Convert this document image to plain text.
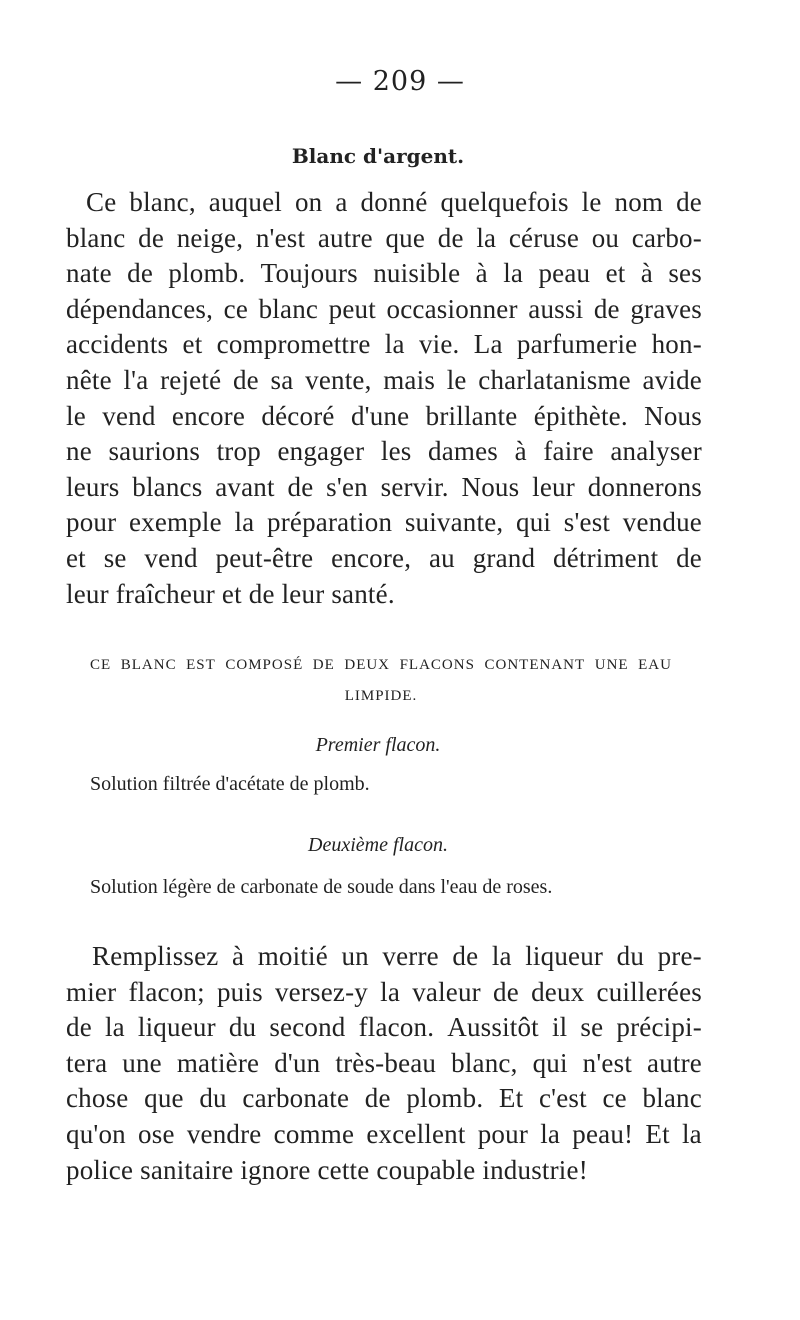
— 209 —
Blanc d'argent.
Ce blanc, auquel on a donné quelquefois le nom de
blanc de neige, n'est autre que de la céruse ou carbo-
nate de plomb. Toujours nuisible à la peau et à ses
dépendances, ce blanc peut occasionner aussi de graves
accidents et compromettre la vie. La parfumerie hon-
nête l'a rejeté de sa vente, mais le charlatanisme avide
le vend encore décoré d'une brillante épithète. Nous
ne saurions trop engager les dames à faire analyser
leurs blancs avant de s'en servir. Nous leur donnerons
pour exemple la préparation suivante, qui s'est vendue
et se vend peut-être encore, au grand détriment de
leur fraîcheur et de leur santé.
CE BLANC EST COMPOSÉ DE DEUX FLACONS CONTENANT UNE EAU
LIMPIDE.
Premier flacon.
Solution filtrée d'acétate de plomb.
Deuxième flacon.
Solution légère de carbonate de soude dans l'eau de roses.
Remplissez à moitié un verre de la liqueur du pre-
mier flacon; puis versez-y la valeur de deux cuillerées
de la liqueur du second flacon. Aussitôt il se précipi-
tera une matière d'un très-beau blanc, qui n'est autre
chose que du carbonate de plomb. Et c'est ce blanc
qu'on ose vendre comme excellent pour la peau! Et la
police sanitaire ignore cette coupable industrie!
